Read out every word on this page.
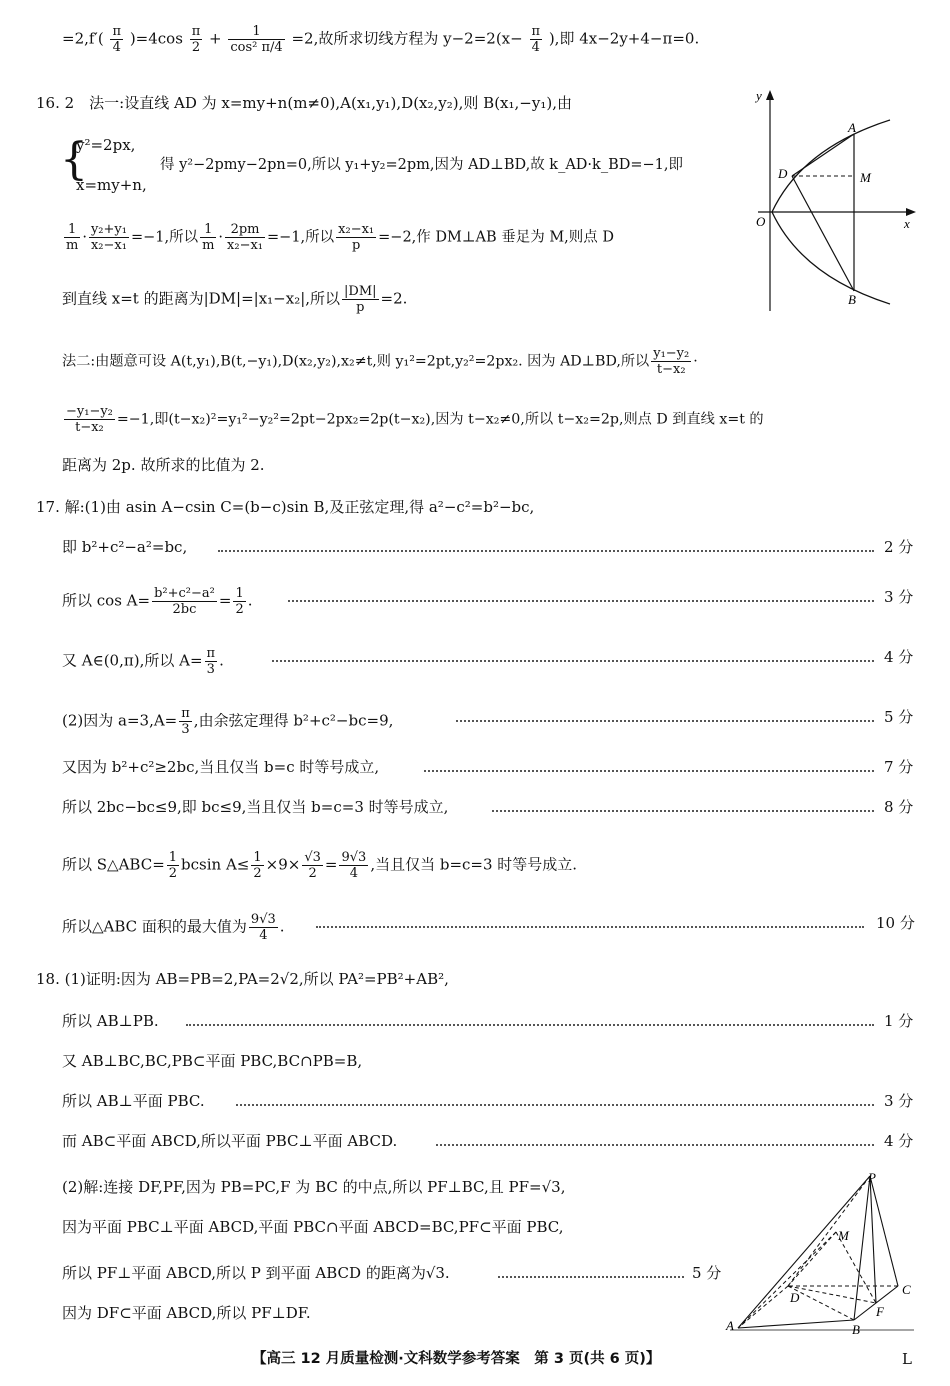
$=2,f'( \frac{\pi}{4} )=4\cos \frac{\pi}{2} + \frac{1}{\text{cos² π/4}} =2$,故所求切线方程为 $y-2=2(x- \frac{\pi}{4}$ ),即 4x−2y+4−π=0.
16. 2　法一:设直线 AD 为 x=my+n(m≠0),A(x₁,y₁),D(x₂,y₂),则 B(x₁,−y₁),由
{
y²=2px,
x=my+n,
得 y²−2pmy−2pn=0,所以 y₁+y₂=2pm,因为 AD⊥BD,故 k_AD·k_BD=−1,即
$\frac{1}{m} \cdot \frac{\text{y₂+y₁}}{\text{x₂−x₁}} =-1$,所以 $\frac{1}{m} \cdot \frac{2pm}{\text{x₂−x₁}} =-1$,所以 $\frac{\text{x₂−x₁}}{p} =-2$,作 DM⊥AB 垂足为 M,则点 D
到直线 x=t 的距离为|DM|=|x₁−x₂|,所以 $\frac{|DM|}{p} =2$.
法二:由题意可设 A(t,y₁),B(t,−y₁),D(x₂,y₂),x₂≠t,则 y₁²=2pt,y₂²=2px₂. 因为 AD⊥BD,所以 $\frac{\text{y₁−y₂}}{\text{t−x₂}}$ ·
$\frac{\text{−y₁−y₂}}{\text{t−x₂}} =-1$,即(t−x₂)²=y₁²−y₂²=2pt−2px₂=2p(t−x₂),因为 t−x₂≠0,所以 t−x₂=2p,则点 D 到直线 x=t 的
距离为 2p. 故所求的比值为 2.
y
x
O
A
D	M
B
17. 解:(1)由 asin A−csin C=(b−c)sin B,及正弦定理,得 a²−c²=b²−bc,
即 b²+c²−a²=bc,	2 分
所以 $\cos A= \frac{\text{b²+c²−a²}}{2bc} = \frac{1}{2}$ .	3 分
又 A∈(0,π),所以 $A= \frac{\pi}{3}$ .	4 分
(2)因为 $a=3,A= \frac{\pi}{3}$ ,由余弦定理得 b²+c²−bc=9,	5 分
又因为 b²+c²≥2bc,当且仅当 b=c 时等号成立,	7 分
所以 2bc−bc≤9,即 bc≤9,当且仅当 b=c=3 时等号成立,	8 分
所以 S△ABC= $\frac{1}{2}$ bcsin $A\le \frac{1}{2} \times 9\times \frac{√3}{2} = \frac{9√3}{4}$ ,当且仅当 b=c=3 时等号成立.
所以△ABC 面积的最大值为 $\frac{9√3}{4}$ .	10 分
18. (1)证明:因为 AB=PB=2,PA=2√2,所以 PA²=PB²+AB²,
所以 AB⊥PB.	1 分
又 AB⊥BC,BC,PB⊂平面 PBC,BC∩PB=B,
所以 AB⊥平面 PBC.	3 分
而 AB⊂平面 ABCD,所以平面 PBC⊥平面 ABCD.	4 分
(2)解:连接 DF,PF,因为 PB=PC,F 为 BC 的中点,所以 PF⊥BC,且 PF=√3,
因为平面 PBC⊥平面 ABCD,平面 PBC∩平面 ABCD=BC,PF⊂平面 PBC,
所以 PF⊥平面 ABCD,所以 P 到平面 ABCD 的距离为√3.	5 分
因为 DF⊂平面 ABCD,所以 PF⊥DF.
P
M
D
C
F
A	B
【高三 12 月质量检测·文科数学参考答案　第 3 页(共 6 页)】	L
